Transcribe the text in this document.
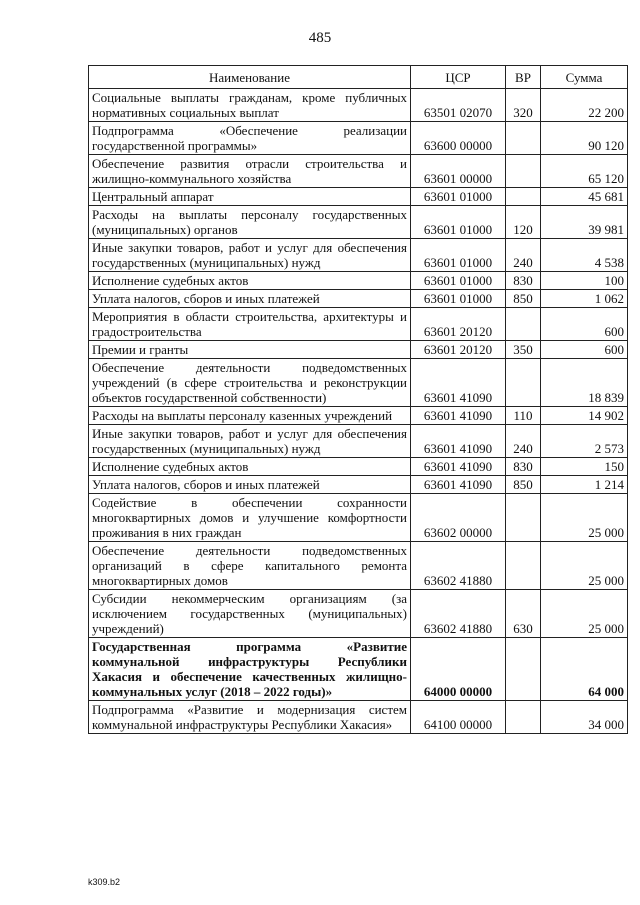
485
Наименование	ЦСР	ВР	Сумма
Социальные выплаты гражданам, кроме публичных нормативных социальных выплат	63501 02070	320	22 200
Подпрограмма «Обеспечение реализации государственной программы»	63600 00000		90 120
Обеспечение развития отрасли строительства и жилищно-коммунального хозяйства	63601 00000		65 120
Центральный аппарат	63601 01000		45 681
Расходы на выплаты персоналу государственных (муниципальных) органов	63601 01000	120	39 981
Иные закупки товаров, работ и услуг для обеспечения государственных (муниципальных) нужд	63601 01000	240	4 538
Исполнение судебных актов	63601 01000	830	100
Уплата налогов, сборов и иных платежей	63601 01000	850	1 062
Мероприятия в области строительства, архитектуры и градостроительства	63601 20120		600
Премии и гранты	63601 20120	350	600
Обеспечение деятельности подведомственных учреждений (в сфере строительства и реконструкции объектов государственной собственности)	63601 41090		18 839
Расходы на выплаты персоналу казенных учреждений	63601 41090	110	14 902
Иные закупки товаров, работ и услуг для обеспечения государственных (муниципальных) нужд	63601 41090	240	2 573
Исполнение судебных актов	63601 41090	830	150
Уплата налогов, сборов и иных платежей	63601 41090	850	1 214
Содействие в обеспечении сохранности многоквартирных домов и улучшение комфортности проживания в них граждан	63602 00000		25 000
Обеспечение деятельности подведомственных организаций в сфере капитального ремонта многоквартирных домов	63602 41880		25 000
Субсидии некоммерческим организациям (за исключением государственных (муниципальных) учреждений)	63602 41880	630	25 000
Государственная программа «Развитие коммунальной инфраструктуры Республики Хакасия и обеспечение качественных жилищно-коммунальных услуг (2018 – 2022 годы)»	64000 00000		64 000
Подпрограмма «Развитие и модернизация систем коммунальной инфраструктуры Республики Хакасия»	64100 00000		34 000
k309.b2
